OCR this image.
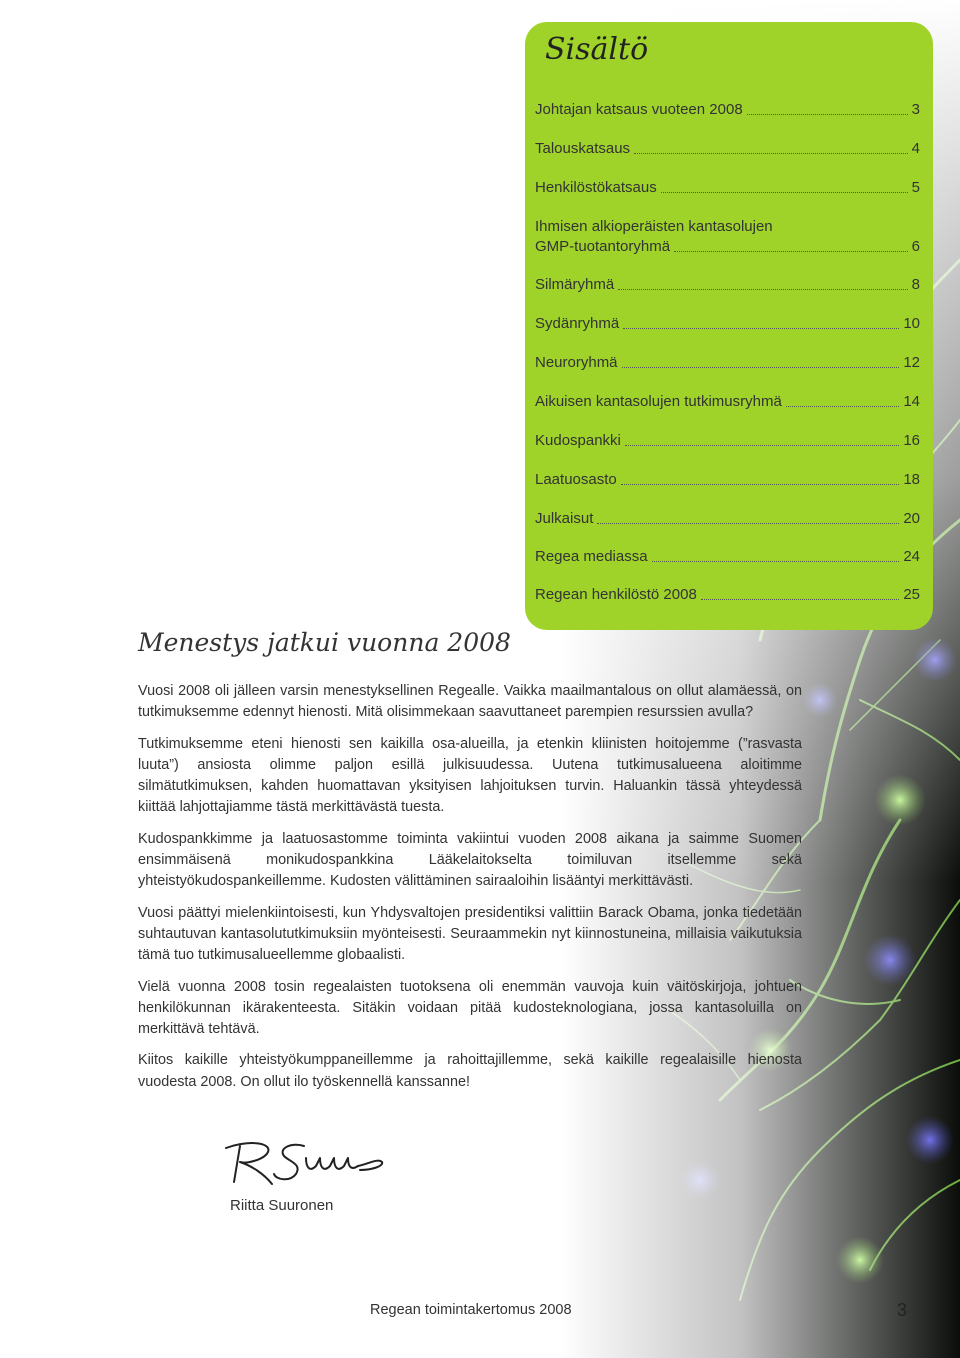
Sisältö
Johtajan katsaus vuoteen 2008	3
Talouskatsaus	4
Henkilöstökatsaus	5
Ihmisen alkioperäisten kantasolujen
GMP-tuotantoryhmä	6
Silmäryhmä	8
Sydänryhmä	10
Neuroryhmä	12
Aikuisen kantasolujen tutkimusryhmä	14
Kudospankki	16
Laatuosasto	18
Julkaisut	20
Regea mediassa	24
Regean henkilöstö 2008	25
Menestys jatkui vuonna 2008

Vuosi 2008 oli jälleen varsin menestyksellinen Regealle. Vaikka maailmantalous on ollut alamäessä, on tutkimuksemme edennyt hienosti. Mitä olisimmekaan saavuttaneet parempien resurssien avulla?

Tutkimuksemme eteni hienosti sen kaikilla osa-alueilla, ja etenkin kliinisten hoitojemme (”rasvasta luuta”) ansiosta olimme paljon esillä julkisuudessa. Uutena tutkimusalueena aloitimme silmätutkimuksen, kahden huomattavan yksityisen lahjoituksen turvin. Haluankin tässä yhteydessä kiittää lahjottajiamme tästä merkittävästä tuesta.

Kudospankkimme ja laatuosastomme toiminta vakiintui vuoden 2008 aikana ja saimme Suomen ensimmäisenä monikudospankkina Lääkelaitokselta toimiluvan itsellemme sekä yhteistyökudospankeillemme. Kudosten välittäminen sairaaloihin lisääntyi merkittävästi.

Vuosi päättyi mielenkiintoisesti, kun Yhdysvaltojen presidentiksi valittiin Barack Obama, jonka tiedetään suhtautuvan kantasolututkimuksiin myönteisesti. Seuraammekin nyt kiinnostuneina, millaisia vaikutuksia tämä tuo tutkimusalueellemme globaalisti.

Vielä vuonna 2008 tosin regealaisten tuotoksena oli enemmän vauvoja kuin väitöskirjoja, johtuen henkilökunnan ikärakenteesta. Sitäkin voidaan pitää kudosteknologiana, jossa kantasoluilla on merkittävä tehtävä.

Kiitos kaikille yhteistyökumppaneillemme ja rahoittajillemme, sekä kaikille regealaisille hienosta vuodesta 2008. On ollut ilo työskennellä kanssanne!

Riitta Suuronen
Regean toimintakertomus 2008	3
